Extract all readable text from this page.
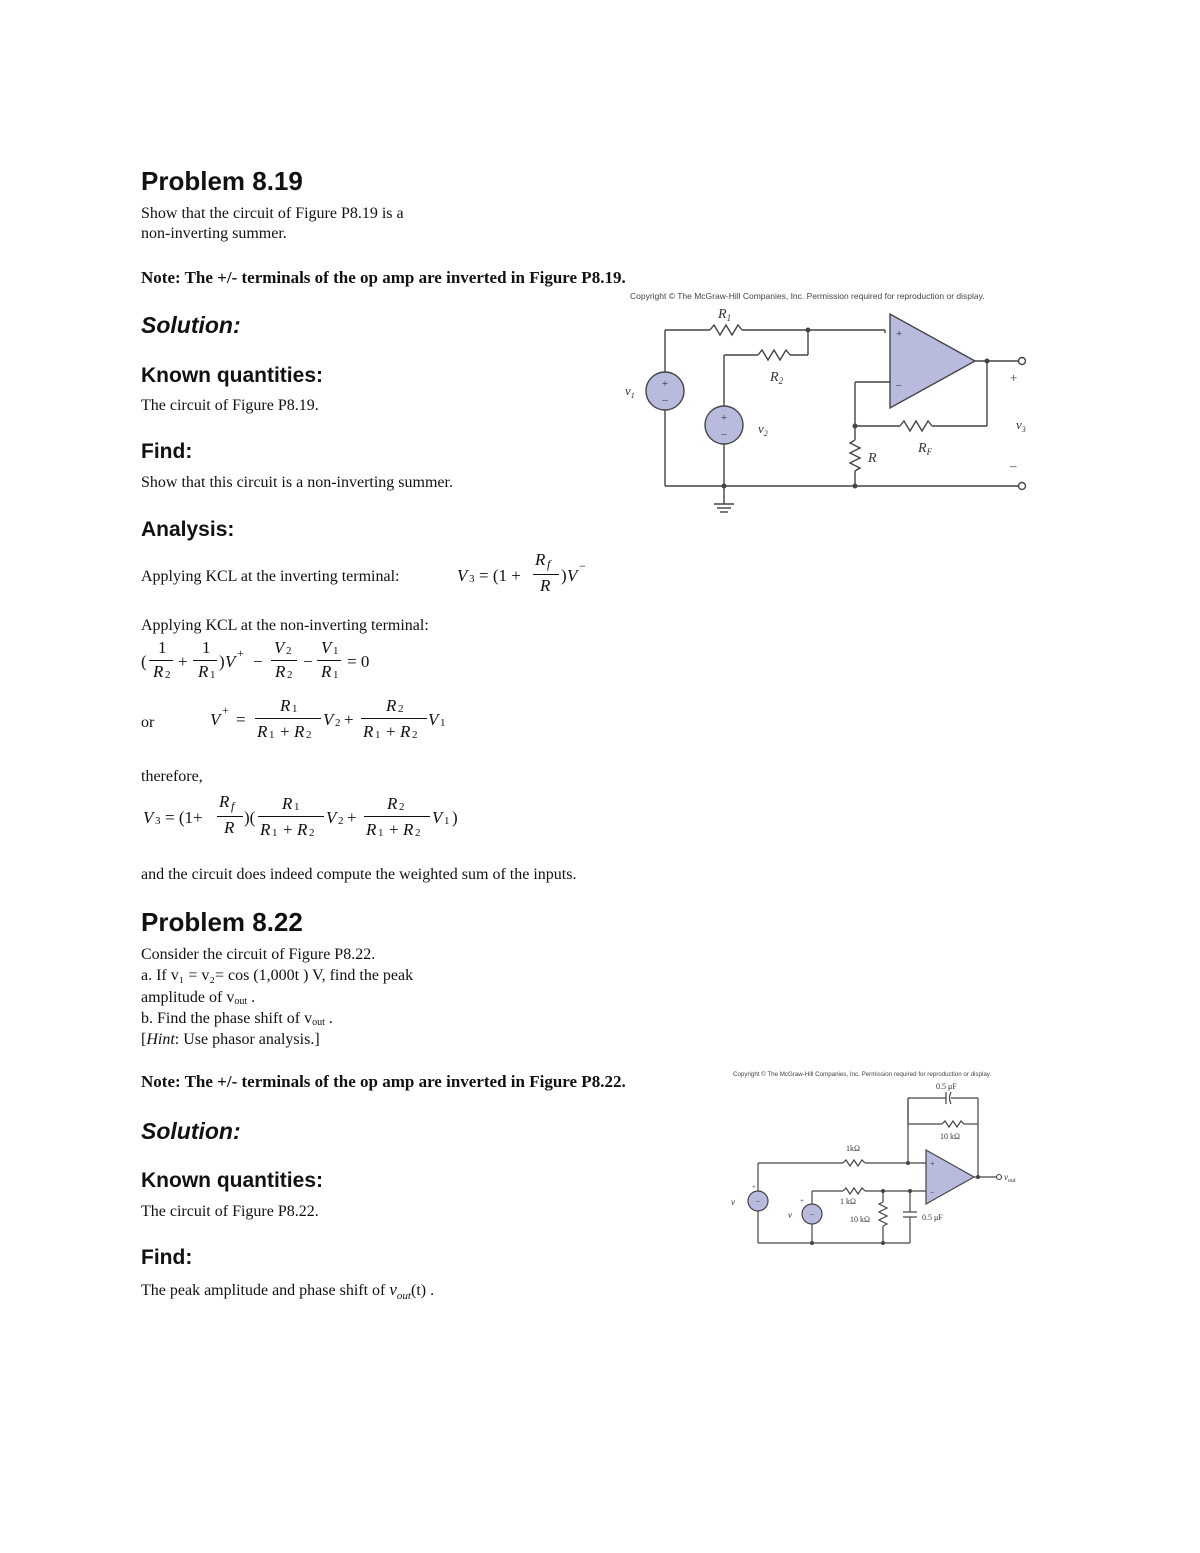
Problem 8.19
Show that the circuit of Figure P8.19 is a
non-inverting summer.
Note: The +/- terminals of the op amp are inverted in Figure P8.19.
Solution:
Known quantities:
The circuit of Figure P8.19.
Find:
Show that this circuit is a non-inverting summer.
Analysis:
Applying KCL at the inverting terminal:	V 3 = (1 +
R f
R
) V −
Applying KCL at the non-inverting terminal:
(
1
R 2
+
1
R 1
) V + −
V 2
R 2
−
V 1
R 1
= 0
or	V + =
R 1
R 1 + R 2
V 2 +
R 2
R 1 + R 2
V 1
therefore,
V 3 = (1+
R f
R
)(
R 1
R 1 + R 2
V 2 +
R 2
R 1 + R 2
V 1 )
and the circuit does indeed compute the weighted sum of the inputs.
Copyright © The McGraw-Hill Companies, Inc. Permission required for reproduction or display.
+
–
+
–
+
–
$R_1$
$R_2$
$v_1$
$v_2$
R
$R_F$
+
$v_3$
–
Problem 8.22
Consider the circuit of Figure P8.22.
a. If v₁ = v₂= cos (1,000t ) V, find the peak
amplitude of vout .
b. Find the phase shift of vout .
[Hint: Use phasor analysis.]
Note: The +/- terminals of the op amp are inverted in Figure P8.22.
Solution:
Known quantities:
The circuit of Figure P8.22.
Find:
The peak amplitude and phase shift of $v_{out}(t)$ .
Copyright © The McGraw-Hill Companies, Inc. Permission required for reproduction or display.
+
−
−
−
+
+
0.5 μF
10 kΩ
1kΩ
1 kΩ
10 kΩ	0.5 μF
v
v
$v_{out}$
